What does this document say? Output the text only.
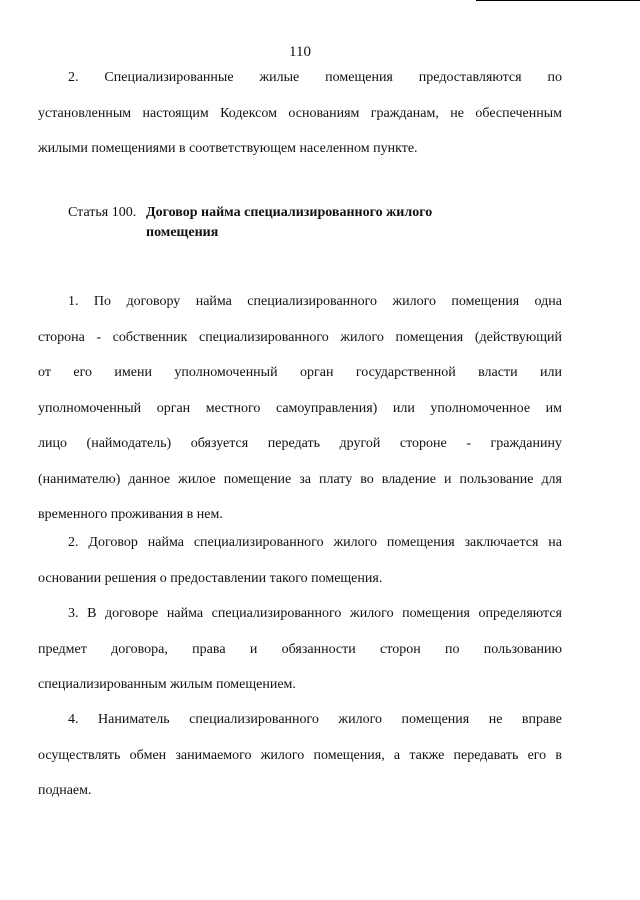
110
2. Специализированные жилые помещения предоставляются по
установленным настоящим Кодексом основаниям гражданам, не обеспеченным
жилыми помещениями в соответствующем населенном пункте.
Статья 100. Договор найма специализированного жилого
помещения
1. По договору найма специализированного жилого помещения одна
сторона - собственник специализированного жилого помещения (действующий
от его имени уполномоченный орган государственной власти или
уполномоченный орган местного самоуправления) или уполномоченное им
лицо (наймодатель) обязуется передать другой стороне - гражданину
(нанимателю) данное жилое помещение за плату во владение и пользование для
временного проживания в нем.
2. Договор найма специализированного жилого помещения заключается на
основании решения о предоставлении такого помещения.
3. В договоре найма специализированного жилого помещения определяются
предмет договора, права и обязанности сторон по пользованию
специализированным жилым помещением.
4. Наниматель специализированного жилого помещения не вправе
осуществлять обмен занимаемого жилого помещения, а также передавать его в
поднаем.
